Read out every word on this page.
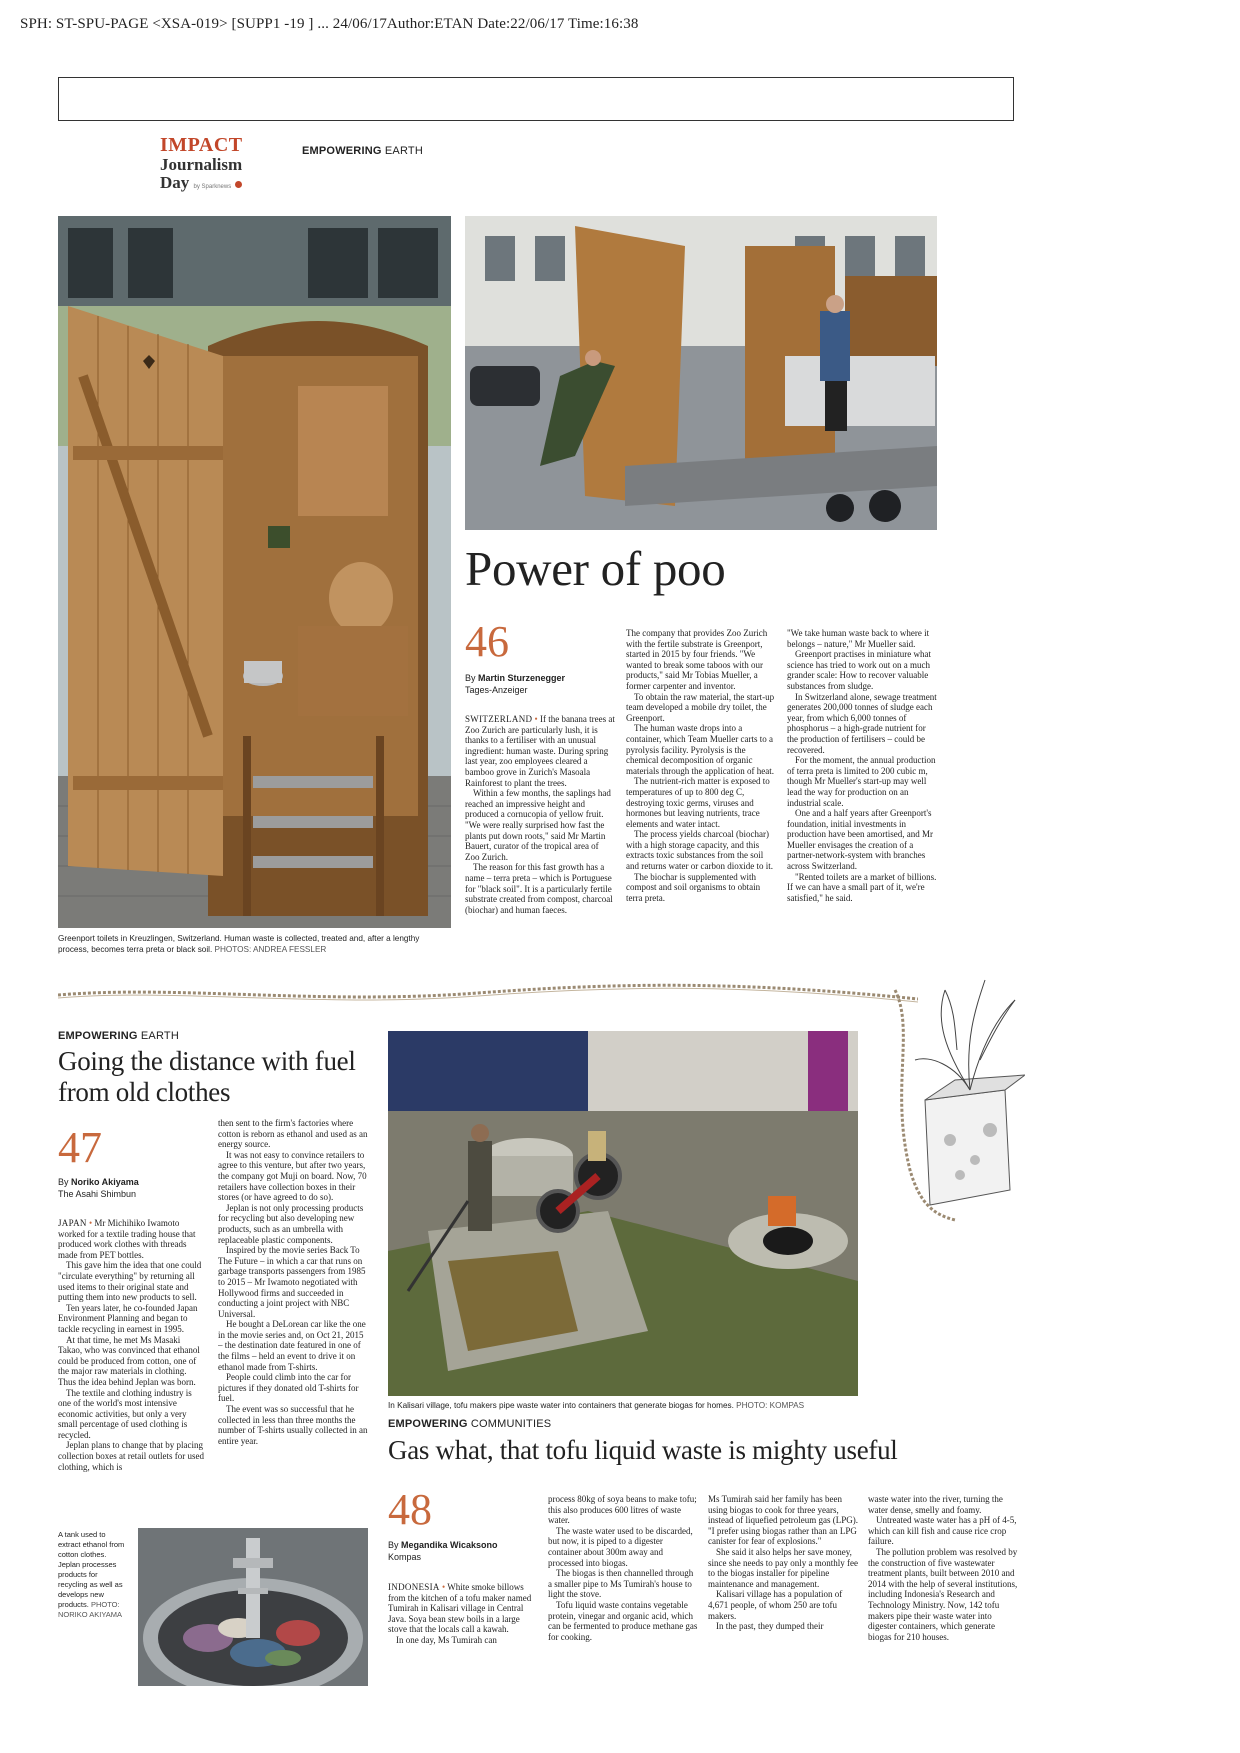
SPH: ST-SPU-PAGE <XSA-019> [SUPP1 -19 ] ... 24/06/17Author:ETAN Date:22/06/17 Time:16:38
IMPACT
Journalism
Day by Sparknews
EMPOWERING EARTH
Greenport toilets in Kreuzlingen, Switzerland. Human waste is collected, treated and, after a lengthy process, becomes terra preta or black soil. PHOTOS: ANDREA FESSLER
Power of poo
46
By Martin Sturzenegger
Tages-Anzeiger

SWITZERLAND • If the banana trees at Zoo Zurich are particularly lush, it is thanks to a fertiliser with an unusual ingredient: human waste. During spring last year, zoo employees cleared a bamboo grove in Zurich's Masoala Rainforest to plant the trees.

Within a few months, the saplings had reached an impressive height and produced a cornucopia of yellow fruit. "We were really surprised how fast the plants put down roots," said Mr Martin Bauert, curator of the tropical area of Zoo Zurich.

The reason for this fast growth has a name – terra preta – which is Portuguese for "black soil". It is a particularly fertile substrate created from compost, charcoal (biochar) and human faeces.

The company that provides Zoo Zurich with the fertile substrate is Greenport, started in 2015 by four friends. "We wanted to break some taboos with our products," said Mr Tobias Mueller, a former carpenter and inventor.

To obtain the raw material, the start-up team developed a mobile dry toilet, the Greenport.

The human waste drops into a container, which Team Mueller carts to a pyrolysis facility. Pyrolysis is the chemical decomposition of organic materials through the application of heat.

The nutrient-rich matter is exposed to temperatures of up to 800 deg C, destroying toxic germs, viruses and hormones but leaving nutrients, trace elements and water intact.

The process yields charcoal (biochar) with a high storage capacity, and this extracts toxic substances from the soil and returns water or carbon dioxide to it.

The biochar is supplemented with compost and soil organisms to obtain terra preta.

"We take human waste back to where it belongs – nature," Mr Mueller said.

Greenport practises in miniature what science has tried to work out on a much grander scale: How to recover valuable substances from sludge.

In Switzerland alone, sewage treatment generates 200,000 tonnes of sludge each year, from which 6,000 tonnes of phosphorus – a high-grade nutrient for the production of fertilisers – could be recovered.

For the moment, the annual production of terra preta is limited to 200 cubic m, though Mr Mueller's start-up may well lead the way for production on an industrial scale.

One and a half years after Greenport's foundation, initial investments in production have been amortised, and Mr Mueller envisages the creation of a partner-network-system with branches across Switzerland.

"Rented toilets are a market of billions. If we can have a small part of it, we're satisfied," he said.

EMPOWERING EARTH
Going the distance with fuel from old clothes
47
By Noriko Akiyama
The Asahi Shimbun

JAPAN • Mr Michihiko Iwamoto worked for a textile trading house that produced work clothes with threads made from PET bottles.

This gave him the idea that one could "circulate everything" by returning all used items to their original state and putting them into new products to sell.

Ten years later, he co-founded Japan Environment Planning and began to tackle recycling in earnest in 1995.

At that time, he met Ms Masaki Takao, who was convinced that ethanol could be produced from cotton, one of the major raw materials in clothing. Thus the idea behind Jeplan was born.

The textile and clothing industry is one of the world's most intensive economic activities, but only a very small percentage of used clothing is recycled.

Jeplan plans to change that by placing collection boxes at retail outlets for used clothing, which is

then sent to the firm's factories where cotton is reborn as ethanol and used as an energy source.

It was not easy to convince retailers to agree to this venture, but after two years, the company got Muji on board. Now, 70 retailers have collection boxes in their stores (or have agreed to do so).

Jeplan is not only processing products for recycling but also developing new products, such as an umbrella with replaceable plastic components.

Inspired by the movie series Back To The Future – in which a car that runs on garbage transports passengers from 1985 to 2015 – Mr Iwamoto negotiated with Hollywood firms and succeeded in conducting a joint project with NBC Universal.

He bought a DeLorean car like the one in the movie series and, on Oct 21, 2015 – the destination date featured in one of the films – held an event to drive it on ethanol made from T-shirts.

People could climb into the car for pictures if they donated old T-shirts for fuel.

The event was so successful that he collected in less than three months the number of T-shirts usually collected in an entire year.

A tank used to extract ethanol from cotton clothes. Jeplan processes products for recycling as well as develops new products. PHOTO: NORIKO AKIYAMA
In Kalisari village, tofu makers pipe waste water into containers that generate biogas for homes. PHOTO: KOMPAS
EMPOWERING COMMUNITIES
Gas what, that tofu liquid waste is mighty useful
48
By Megandika Wicaksono
Kompas

INDONESIA • White smoke billows from the kitchen of a tofu maker named Tumirah in Kalisari village in Central Java. Soya bean stew boils in a large stove that the locals call a kawah.

In one day, Ms Tumirah can

process 80kg of soya beans to make tofu; this also produces 600 litres of waste water.

The waste water used to be discarded, but now, it is piped to a digester container about 300m away and processed into biogas.

The biogas is then channelled through a smaller pipe to Ms Tumirah's house to light the stove.

Tofu liquid waste contains vegetable protein, vinegar and organic acid, which can be fermented to produce methane gas for cooking.

Ms Tumirah said her family has been using biogas to cook for three years, instead of liquefied petroleum gas (LPG). "I prefer using biogas rather than an LPG canister for fear of explosions."

She said it also helps her save money, since she needs to pay only a monthly fee to the biogas installer for pipeline maintenance and management.

Kalisari village has a population of 4,671 people, of whom 250 are tofu makers.

In the past, they dumped their

waste water into the river, turning the water dense, smelly and foamy.

Untreated waste water has a pH of 4-5, which can kill fish and cause rice crop failure.

The pollution problem was resolved by the construction of five wastewater treatment plants, built between 2010 and 2014 with the help of several institutions, including Indonesia's Research and Technology Ministry. Now, 142 tofu makers pipe their waste water into digester containers, which generate biogas for 210 houses.
